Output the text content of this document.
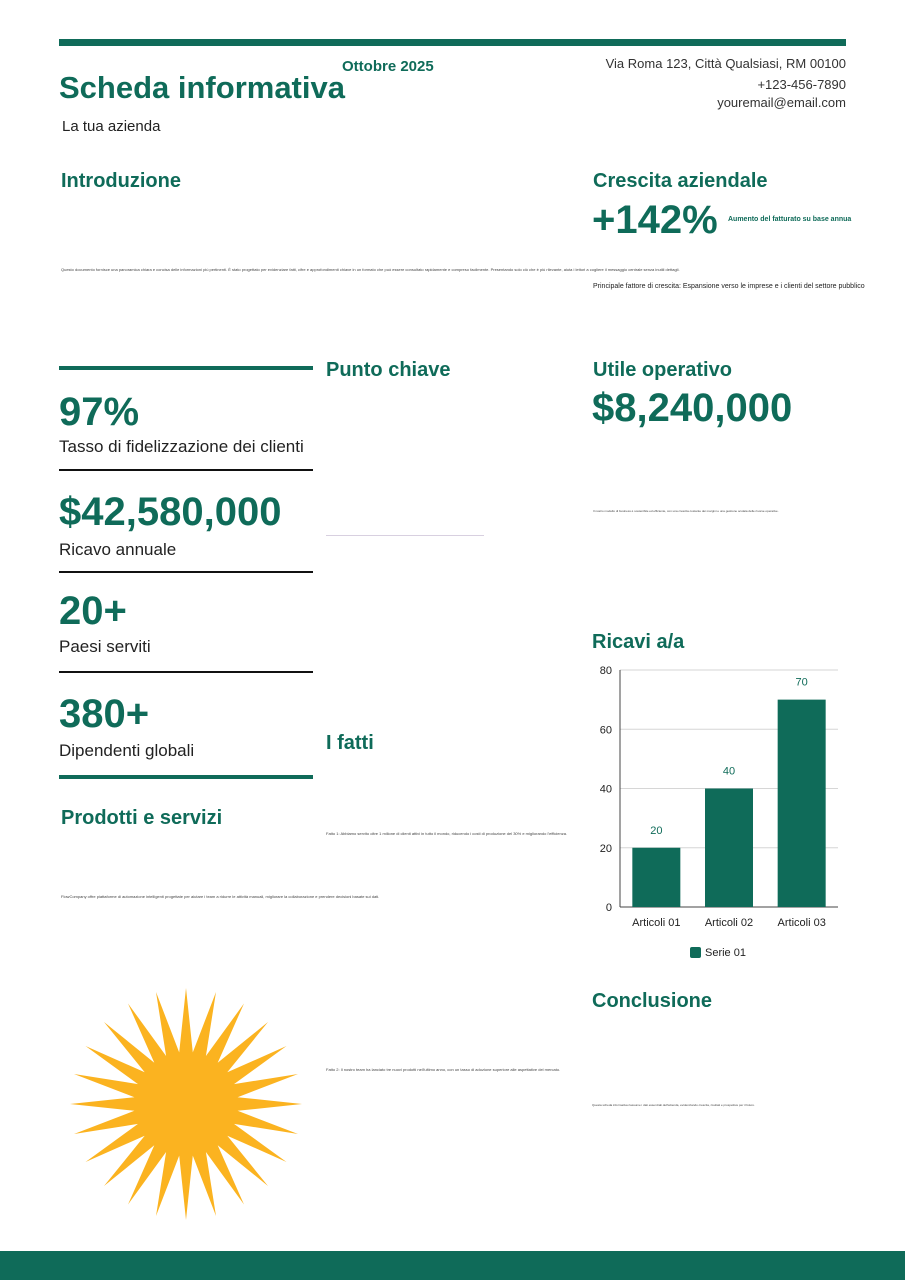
Scheda informativa
Ottobre 2025
La tua azienda
Via Roma 123, Città Qualsiasi, RM 00100
+123-456-7890
youremail@email.com
Introduzione
Questo documento fornisce una panoramica chiara e concisa delle informazioni più pertinenti. È stato progettato per evidenziare fatti, cifre e approfondimenti chiave in un formato che può essere consultato rapidamente e compreso facilmente. Presentando solo ciò che è più rilevante, aiuta i lettori a cogliere il messaggio centrale senza inutili dettagli.
Crescita aziendale
+142% Aumento del fatturato su base annua
Principale fattore di crescita: Espansione verso le imprese e i clienti del settore pubblico
97%
Tasso di fidelizzazione dei clienti
$42,580,000
Ricavo annuale
20+
Paesi serviti
380+
Dipendenti globali
Punto chiave	Utile operativo
$8,240,000
Il nostro modello di business è sostenibile ed efficiente, con una crescita costante dei margini e una gestione oculata delle risorse operative.
I fatti
Fatto 1: Abbiamo servito oltre 1 milione di clienti attivi in tutto il mondo, riducendo i costi di produzione del 30% e migliorando l'efficienza.
Fatto 2: Il nostro team ha lanciato tre nuovi prodotti nell'ultimo anno, con un tasso di adozione superiore alle aspettative del mercato.
Prodotti e servizi
FlowCompany offre piattaforme di automazione intelligenti progettate per aiutare i team a ridurre le attività manuali, migliorare la collaborazione e prendere decisioni basate sui dati.
Ricavi a/a
0
20
40
60
80
20
Articoli 01
40
Articoli 02
70
Articoli 03
Serie 01
Conclusione
Questa scheda informativa riassume i dati essenziali dell'azienda, evidenziando crescita, risultati e prospettive per il futuro.
